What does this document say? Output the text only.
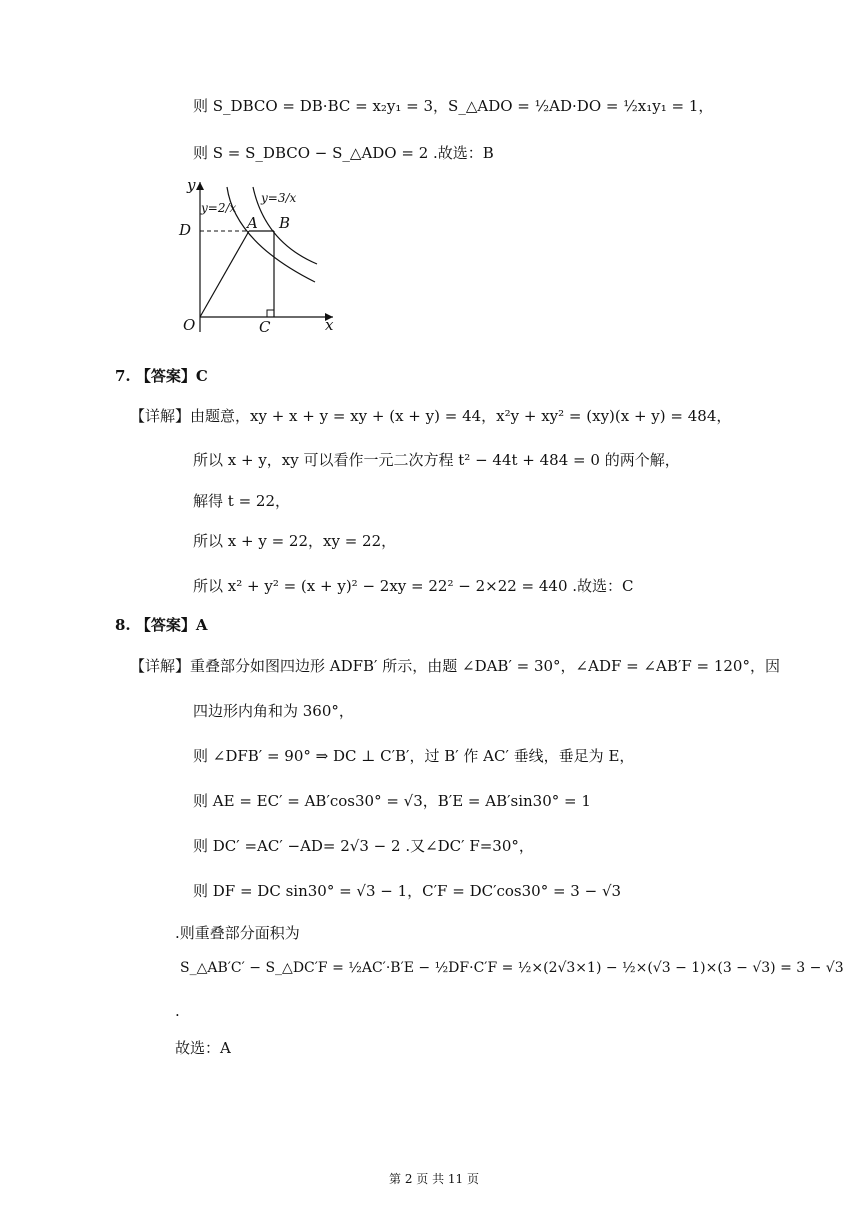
则 S_DBCO = DB·BC = x₂y₁ = 3，S_△ADO = ½AD·DO = ½x₁y₁ = 1，
则 S = S_DBCO − S_△ADO = 2 .故选：B
y
x
D	A B
O	C
y=2/x
y=3/x
7. 【答案】C
【详解】由题意，xy + x + y = xy + (x + y) = 44，x²y + xy² = (xy)(x + y) = 484，
所以 x + y，xy 可以看作一元二次方程 t² − 44t + 484 = 0 的两个解，
解得 t = 22，
所以 x + y = 22，xy = 22，
所以 x² + y² = (x + y)² − 2xy = 22² − 2×22 = 440 .故选：C
8. 【答案】A
【详解】重叠部分如图四边形 ADFB′ 所示，由题 ∠DAB′ = 30°，∠ADF = ∠AB′F = 120°，因
四边形内角和为 360°，
则 ∠DFB′ = 90° ⇒ DC ⊥ C′B′，过 B′ 作 AC′ 垂线，垂足为 E，
则 AE = EC′ = AB′cos30° = √3，B′E = AB′sin30° = 1
则 DC′ =AC′ −AD= 2√3 − 2 .又∠DC′ F=30°，
则 DF = DC sin30° = √3 − 1，C′F = DC′cos30° = 3 − √3
.则重叠部分面积为
S_△AB′C′ − S_△DC′F = ½AC′·B′E − ½DF·C′F = ½×(2√3×1) − ½×(√3 − 1)×(3 − √3) = 3 − √3
.
故选：A
第 2 页 共 11 页
